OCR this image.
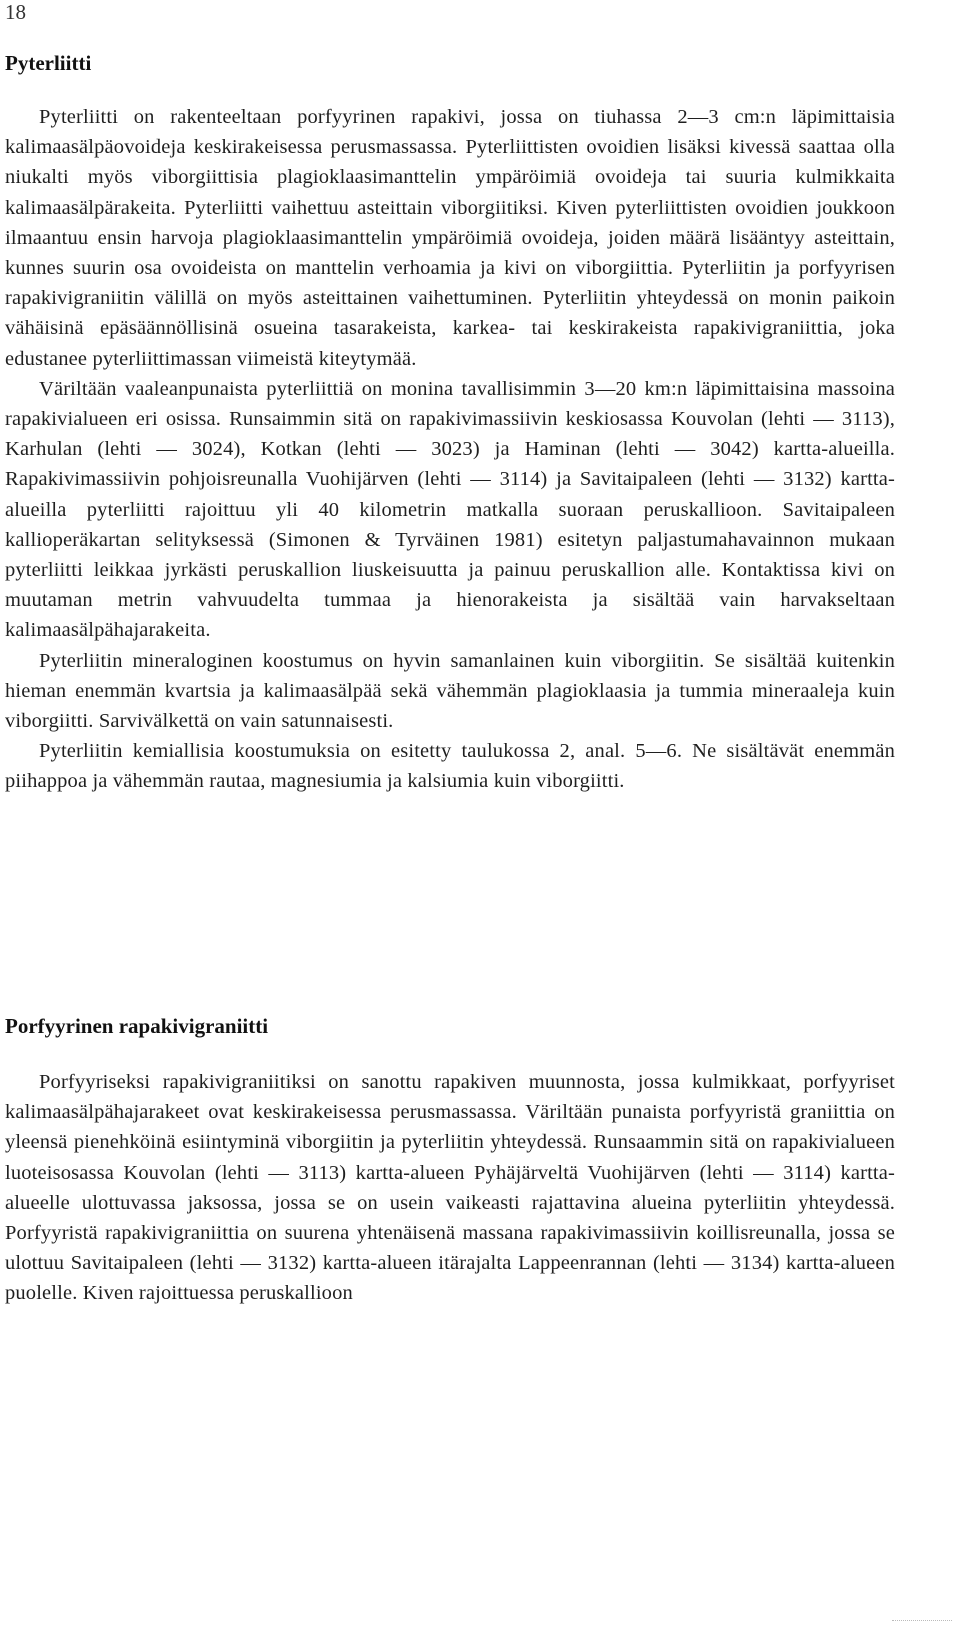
18
Pyterliitti

Pyterliitti on rakenteeltaan porfyyrinen rapakivi, jossa on tiuhassa 2—3 cm:n läpimittaisia kalimaasälpäovoideja keskirakeisessa perusmassassa. Pyterliittisten ovoidien lisäksi kivessä saattaa olla niukalti myös viborgiittisia plagioklaasimanttelin ympäröimiä ovoideja tai suuria kulmikkaita kalimaasälpärakeita. Pyterliitti vaihettuu asteittain viborgiitiksi. Kiven pyterliittisten ovoidien joukkoon ilmaantuu ensin harvoja plagioklaasimanttelin ympäröimiä ovoideja, joiden määrä lisääntyy asteittain, kunnes suurin osa ovoideista on manttelin verhoamia ja kivi on viborgiittia. Pyterliitin ja porfyyrisen rapakivigraniitin välillä on myös asteittainen vaihettuminen. Pyterliitin yhteydessä on monin paikoin vähäisinä epäsäännöllisinä osueina tasarakeista, karkea- tai keskirakeista rapakivigraniittia, joka edustanee pyterliittimassan viimeistä kiteytymää.

Väriltään vaaleanpunaista pyterliittiä on monina tavallisimmin 3—20 km:n läpimittaisina massoina rapakivialueen eri osissa. Runsaimmin sitä on rapakivimassiivin keskiosassa Kouvolan (lehti — 3113), Karhulan (lehti — 3024), Kotkan (lehti — 3023) ja Haminan (lehti — 3042) kartta-alueilla. Rapakivimassiivin pohjoisreunalla Vuohijärven (lehti — 3114) ja Savitaipaleen (lehti — 3132) kartta-alueilla pyterliitti rajoittuu yli 40 kilometrin matkalla suoraan peruskallioon. Savitaipaleen kallioperäkartan selityksessä (Simonen & Tyrväinen 1981) esitetyn paljastumahavainnon mukaan pyterliitti leikkaa jyrkästi peruskallion liuskeisuutta ja painuu peruskallion alle. Kontaktissa kivi on muutaman metrin vahvuudelta tummaa ja hienorakeista ja sisältää vain harvakseltaan kalimaasälpähajarakeita.

Pyterliitin mineraloginen koostumus on hyvin samanlainen kuin viborgiitin. Se sisältää kuitenkin hieman enemmän kvartsia ja kalimaasälpää sekä vähemmän plagioklaasia ja tummia mineraaleja kuin viborgiitti. Sarvivälkettä on vain satunnaisesti.

Pyterliitin kemiallisia koostumuksia on esitetty taulukossa 2, anal. 5—6. Ne sisältävät enemmän piihappoa ja vähemmän rautaa, magnesiumia ja kalsiumia kuin viborgiitti.

Porfyyrinen rapakivigraniitti

Porfyyriseksi rapakivigraniitiksi on sanottu rapakiven muunnosta, jossa kulmikkaat, porfyyriset kalimaasälpähajarakeet ovat keskirakeisessa perusmassassa. Väriltään punaista porfyyristä graniittia on yleensä pienehköinä esiintyminä viborgiitin ja pyterliitin yhteydessä. Runsaammin sitä on rapakivialueen luoteisosassa Kouvolan (lehti — 3113) kartta-alueen Pyhäjärveltä Vuohijärven (lehti — 3114) kartta-alueelle ulottuvassa jaksossa, jossa se on usein vaikeasti rajattavina alueina pyterliitin yhteydessä. Porfyyristä rapakivigraniittia on suurena yhtenäisenä massana rapakivimassiivin koillisreunalla, jossa se ulottuu Savitaipaleen (lehti — 3132) kartta-alueen itärajalta Lappeenrannan (lehti — 3134) kartta-alueen puolelle. Kiven rajoittuessa peruskallioon
